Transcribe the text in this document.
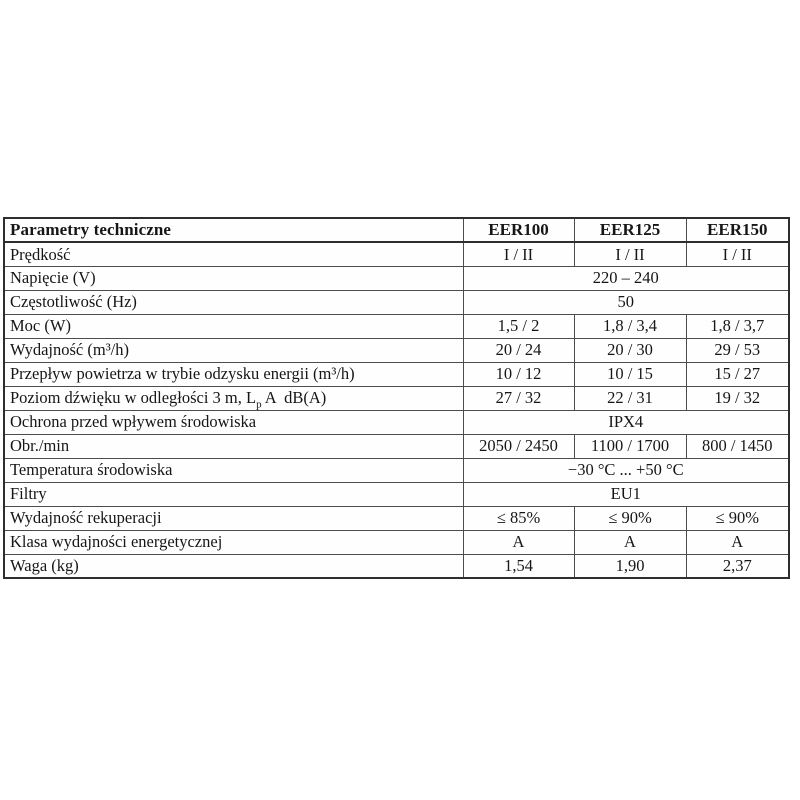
Parametry techniczne	EER100	EER125	EER150
Prędkość	I / II	I / II	I / II
Napięcie (V)	220 – 240		
Częstotliwość (Hz)	50		
Moc (W)	1,5 / 2	1,8 / 3,4	1,8 / 3,7
Wydajność (m³/h)	20 / 24	20 / 30	29 / 53
Przepływ powietrza w trybie odzysku energii (m³/h)	10 / 12	10 / 15	15 / 27
Poziom dźwięku w odległości 3 m, $L_p$ A  dB(A)	27 / 32	22 / 31	19 / 32
Ochrona przed wpływem środowiska	IPX4		
Obr./min	2050 / 2450	1100 / 1700	800 / 1450
Temperatura środowiska	−30 °C ... +50 °C		
Filtry	EU1		
Wydajność rekuperacji	≤ 85%	≤ 90%	≤ 90%
Klasa wydajności energetycznej	A	A	A
Waga (kg)	1,54	1,90	2,37
